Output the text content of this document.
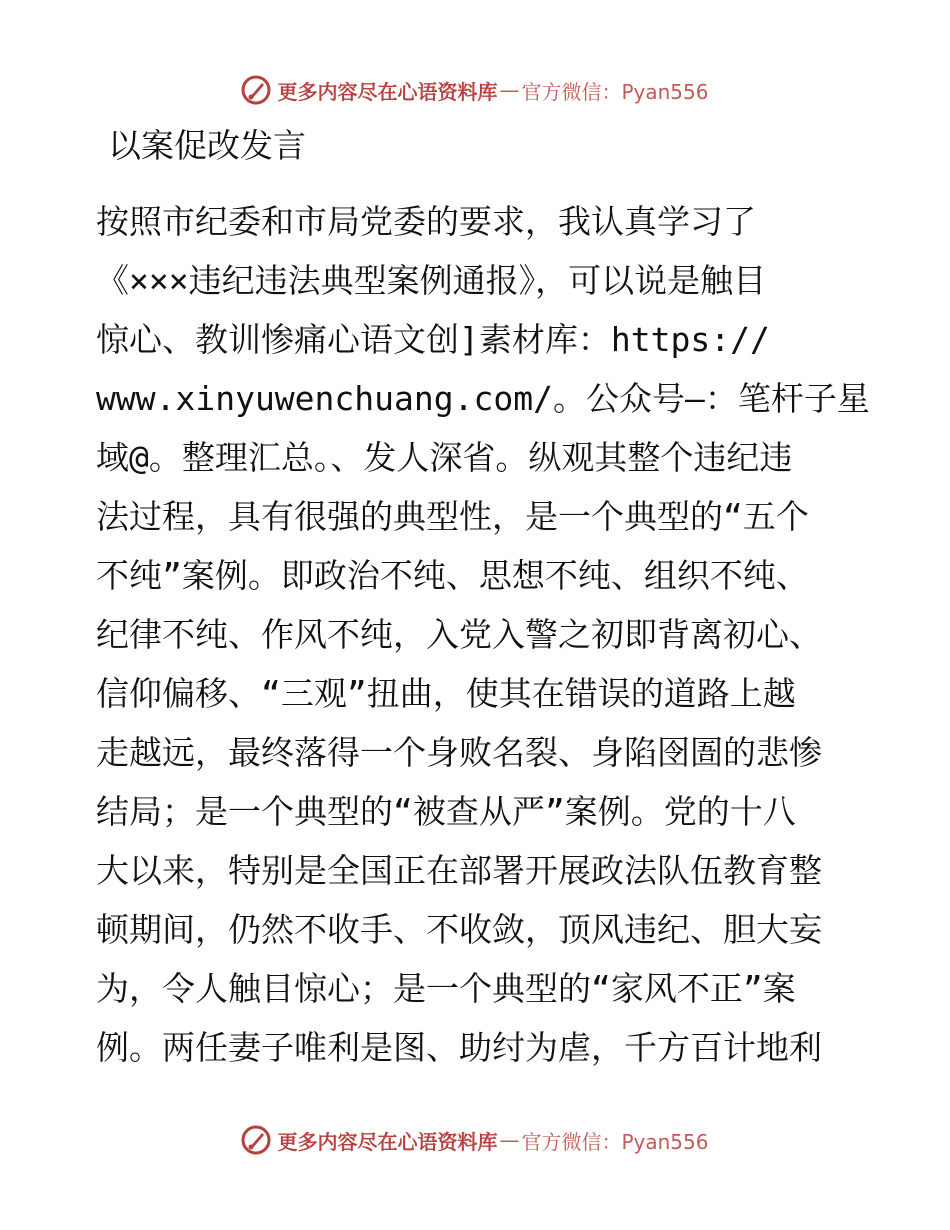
更多内容尽在心语资料库 — 官方微信：Pyan556
以案促改发言
按照市纪委和市局党委的要求，我认真学习了
《×××违纪违法典型案例通报》，可以说是触目
惊心、教训惨痛心语文创]素材库：https://
www.xinyuwenchuang.com/。公众号—：笔杆子星
域@。整理汇总。、发人深省。纵观其整个违纪违
法过程，具有很强的典型性，是一个典型的“五个
不纯”案例。即政治不纯、思想不纯、组织不纯、
纪律不纯、作风不纯，入党入警之初即背离初心、
信仰偏移、“三观”扭曲，使其在错误的道路上越
走越远，最终落得一个身败名裂、身陷囹圄的悲惨
结局；是一个典型的“被查从严”案例。党的十八
大以来，特别是全国正在部署开展政法队伍教育整
顿期间，仍然不收手、不收敛，顶风违纪、胆大妄
为，令人触目惊心；是一个典型的“家风不正”案
例。两任妻子唯利是图、助纣为虐，千方百计地利
更多内容尽在心语资料库 — 官方微信：Pyan556
